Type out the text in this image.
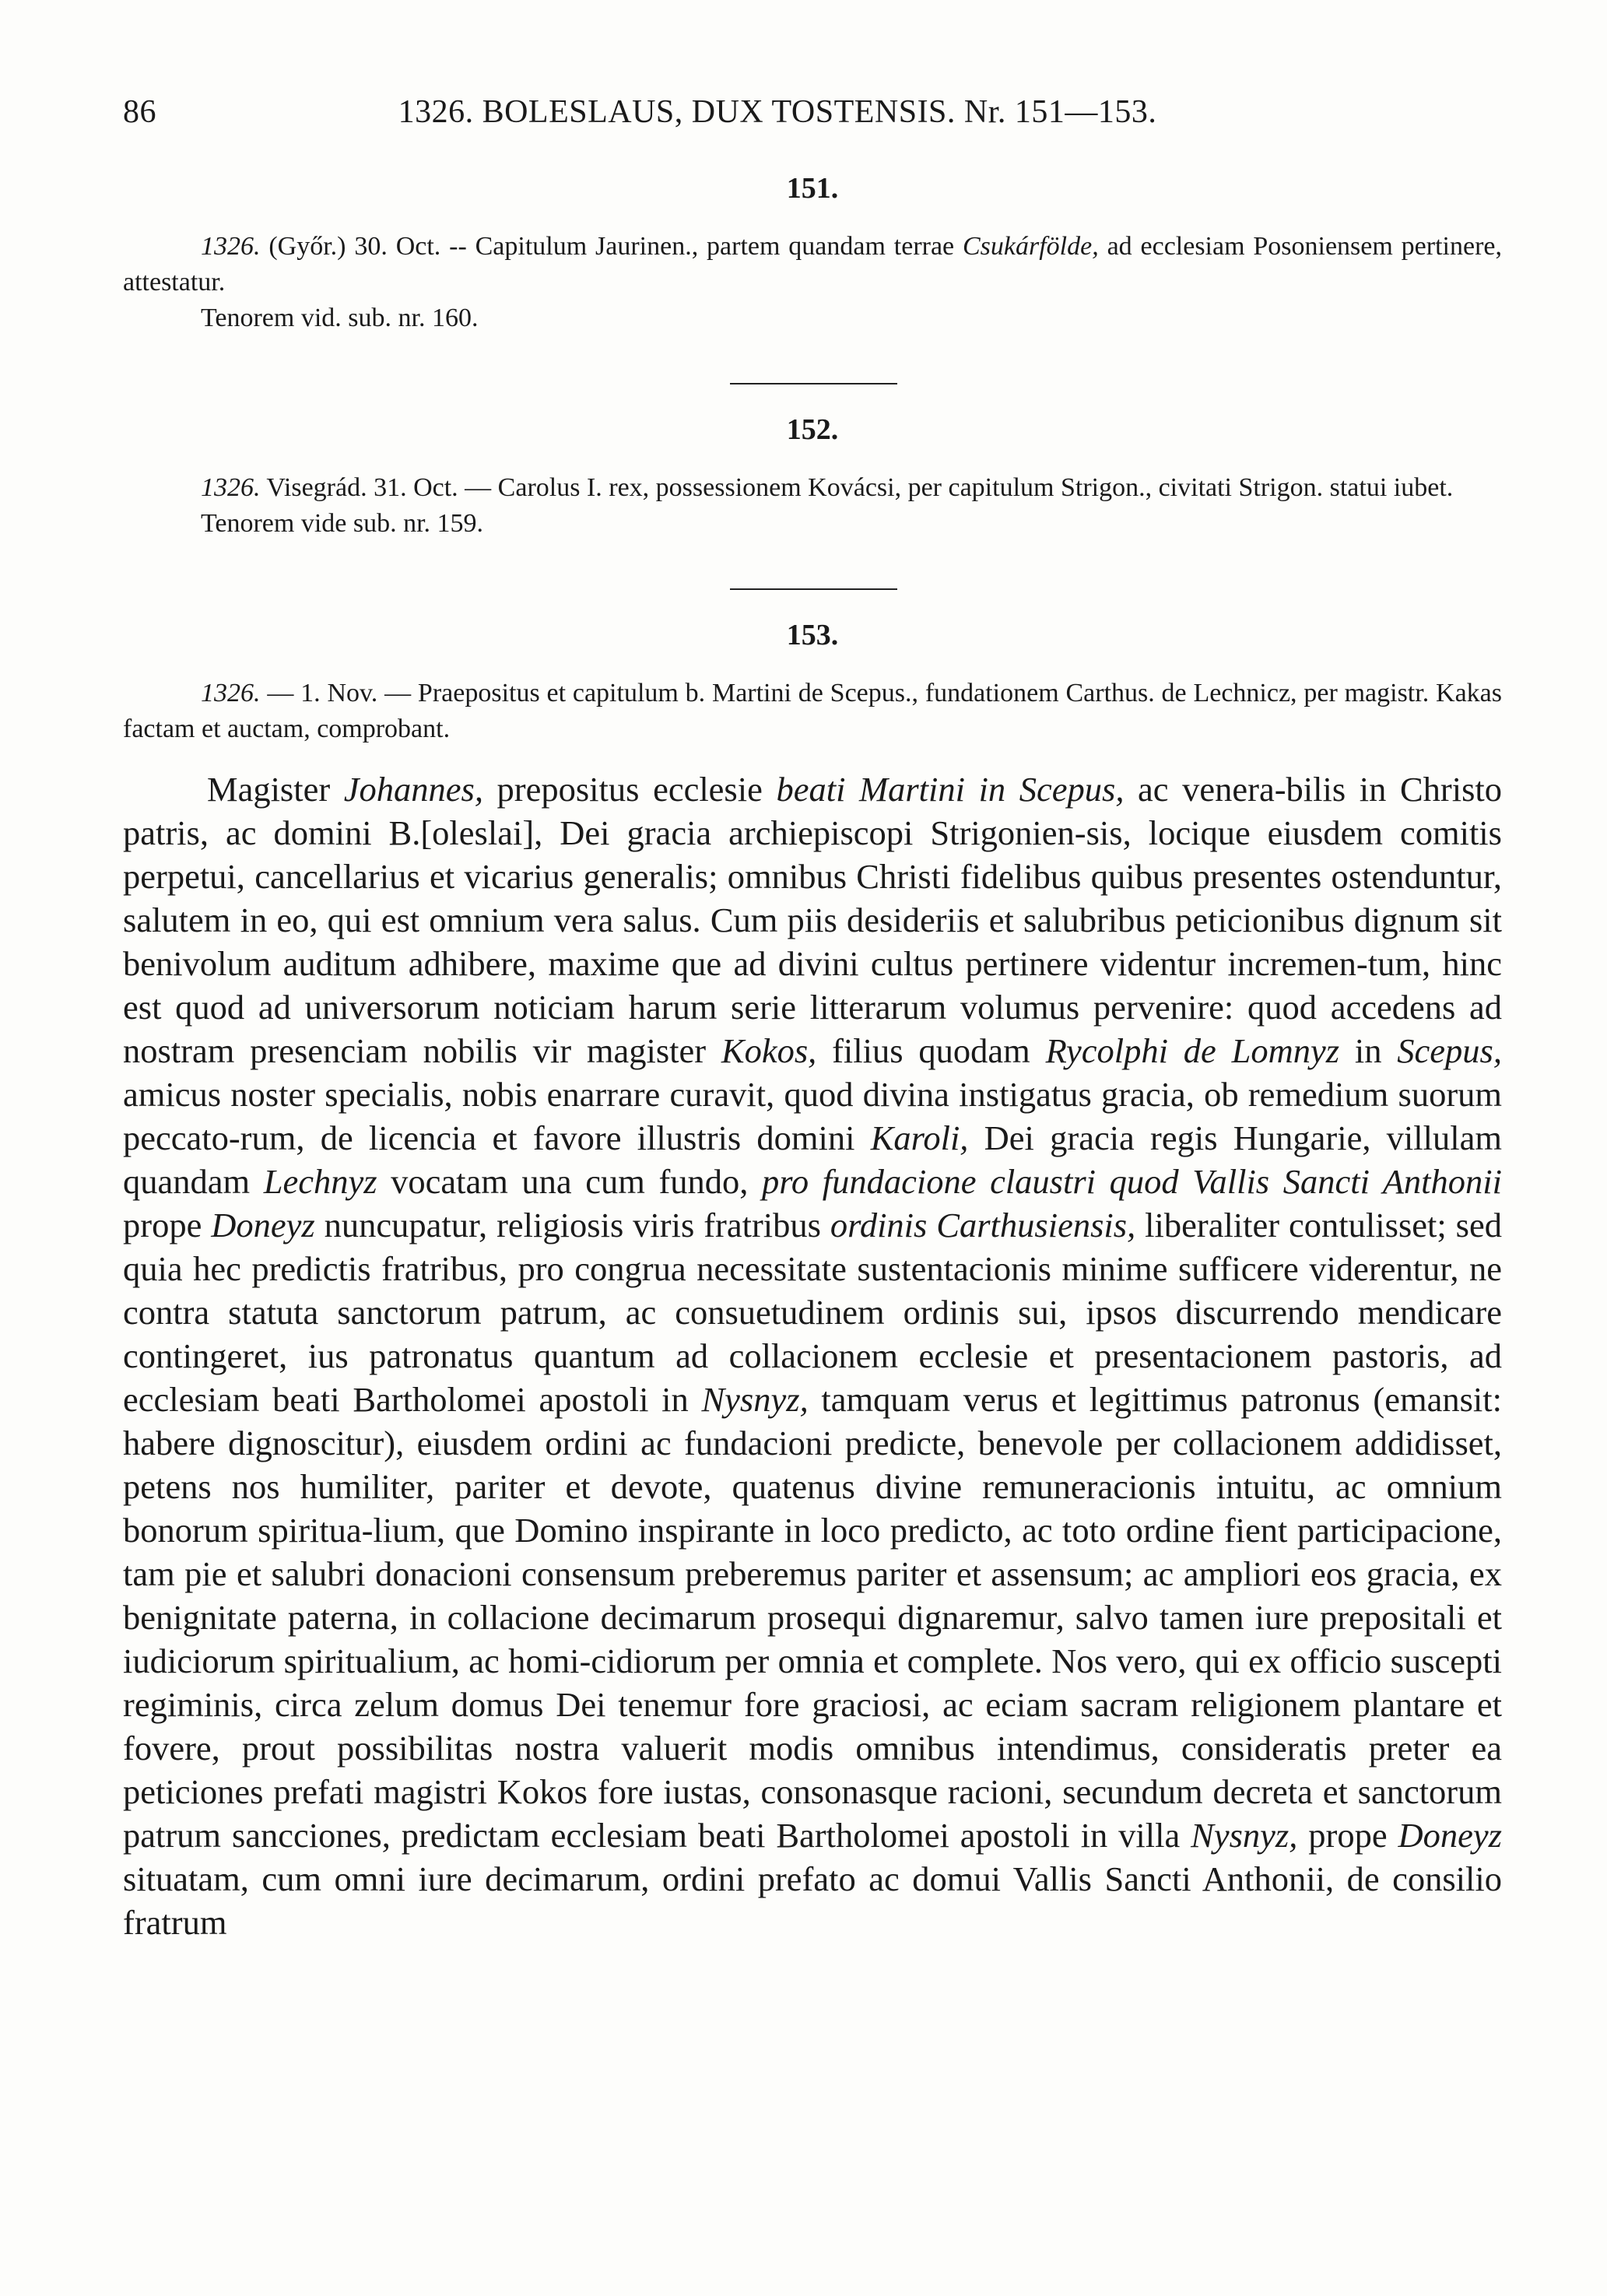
86	1326. BOLESLAUS, DUX TOSTENSIS. Nr. 151—153.
151.

1326. (Győr.) 30. Oct. -- Capitulum Jaurinen., partem quandam terrae Csukárfölde, ad ecclesiam Posoniensem pertinere, attestatur.

Tenorem vid. sub. nr. 160.

152.

1326. Visegrád. 31. Oct. — Carolus I. rex, possessionem Kovácsi, per capitulum Strigon., civitati Strigon. statui iubet.

Tenorem vide sub. nr. 159.

153.

1326. — 1. Nov. — Praepositus et capitulum b. Martini de Scepus., fundationem Carthus. de Lechnicz, per magistr. Kakas factam et auctam, comprobant.

Magister Johannes, prepositus ecclesie beati Martini in Scepus, ac venera-bilis in Christo patris, ac domini B.[oleslai], Dei gracia archiepiscopi Strigonien-sis, locique eiusdem comitis perpetui, cancellarius et vicarius generalis; omnibus Christi fidelibus quibus presentes ostenduntur, salutem in eo, qui est omnium vera salus. Cum piis desideriis et salubribus peticionibus dignum sit benivolum auditum adhibere, maxime que ad divini cultus pertinere videntur incremen-tum, hinc est quod ad universorum noticiam harum serie litterarum volumus pervenire: quod accedens ad nostram presenciam nobilis vir magister Kokos, filius quodam Rycolphi de Lomnyz in Scepus, amicus noster specialis, nobis enarrare curavit, quod divina instigatus gracia, ob remedium suorum peccato-rum, de licencia et favore illustris domini Karoli, Dei gracia regis Hungarie, villulam quandam Lechnyz vocatam una cum fundo, pro fundacione claustri quod Vallis Sancti Anthonii prope Doneyz nuncupatur, religiosis viris fratribus ordinis Carthusiensis, liberaliter contulisset; sed quia hec predictis fratribus, pro congrua necessitate sustentacionis minime sufficere viderentur, ne contra statuta sanctorum patrum, ac consuetudinem ordinis sui, ipsos discurrendo mendicare contingeret, ius patronatus quantum ad collacionem ecclesie et presentacionem pastoris, ad ecclesiam beati Bartholomei apostoli in Nysnyz, tamquam verus et legittimus patronus (emansit: habere dignoscitur), eiusdem ordini ac fundacioni predicte, benevole per collacionem addidisset, petens nos humiliter, pariter et devote, quatenus divine remuneracionis intuitu, ac omnium bonorum spiritua-lium, que Domino inspirante in loco predicto, ac toto ordine fient participacione, tam pie et salubri donacioni consensum preberemus pariter et assensum; ac ampliori eos gracia, ex benignitate paterna, in collacione decimarum prosequi dignaremur, salvo tamen iure prepositali et iudiciorum spiritualium, ac homi-cidiorum per omnia et complete. Nos vero, qui ex officio suscepti regiminis, circa zelum domus Dei tenemur fore graciosi, ac eciam sacram religionem plantare et fovere, prout possibilitas nostra valuerit modis omnibus intendimus, consideratis preter ea peticiones prefati magistri Kokos fore iustas, consonasque racioni, secundum decreta et sanctorum patrum sancciones, predictam ecclesiam beati Bartholomei apostoli in villa Nysnyz, prope Doneyz situatam, cum omni iure decimarum, ordini prefato ac domui Vallis Sancti Anthonii, de consilio fratrum
